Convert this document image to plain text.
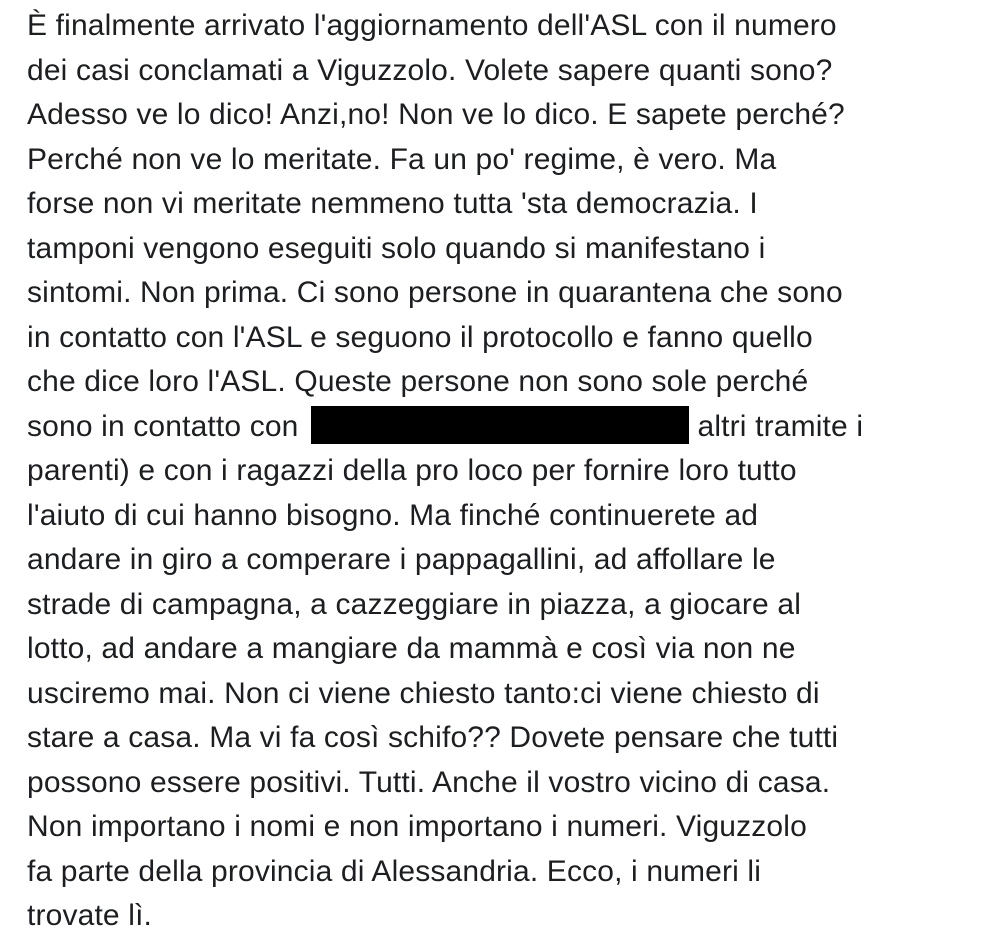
È finalmente arrivato l'aggiornamento dell'ASL con il numero
dei casi conclamati a Viguzzolo. Volete sapere quanti sono?
Adesso ve lo dico! Anzi,no! Non ve lo dico. E sapete perché?
Perché non ve lo meritate. Fa un po' regime, è vero. Ma
forse non vi meritate nemmeno tutta 'sta democrazia. I
tamponi vengono eseguiti solo quando si manifestano i
sintomi. Non prima. Ci sono persone in quarantena che sono
in contatto con l'ASL e seguono il protocollo e fanno quello
che dice loro l'ASL. Queste persone non sono sole perché
sono in contatto con	altri tramite i
parenti) e con i ragazzi della pro loco per fornire loro tutto
l'aiuto di cui hanno bisogno. Ma finché continuerete ad
andare in giro a comperare i pappagallini, ad affollare le
strade di campagna, a cazzeggiare in piazza, a giocare al
lotto, ad andare a mangiare da mammà e così via non ne
usciremo mai. Non ci viene chiesto tanto:ci viene chiesto di
stare a casa. Ma vi fa così schifo?? Dovete pensare che tutti
possono essere positivi. Tutti. Anche il vostro vicino di casa.
Non importano i nomi e non importano i numeri. Viguzzolo
fa parte della provincia di Alessandria. Ecco, i numeri li
trovate lì.
